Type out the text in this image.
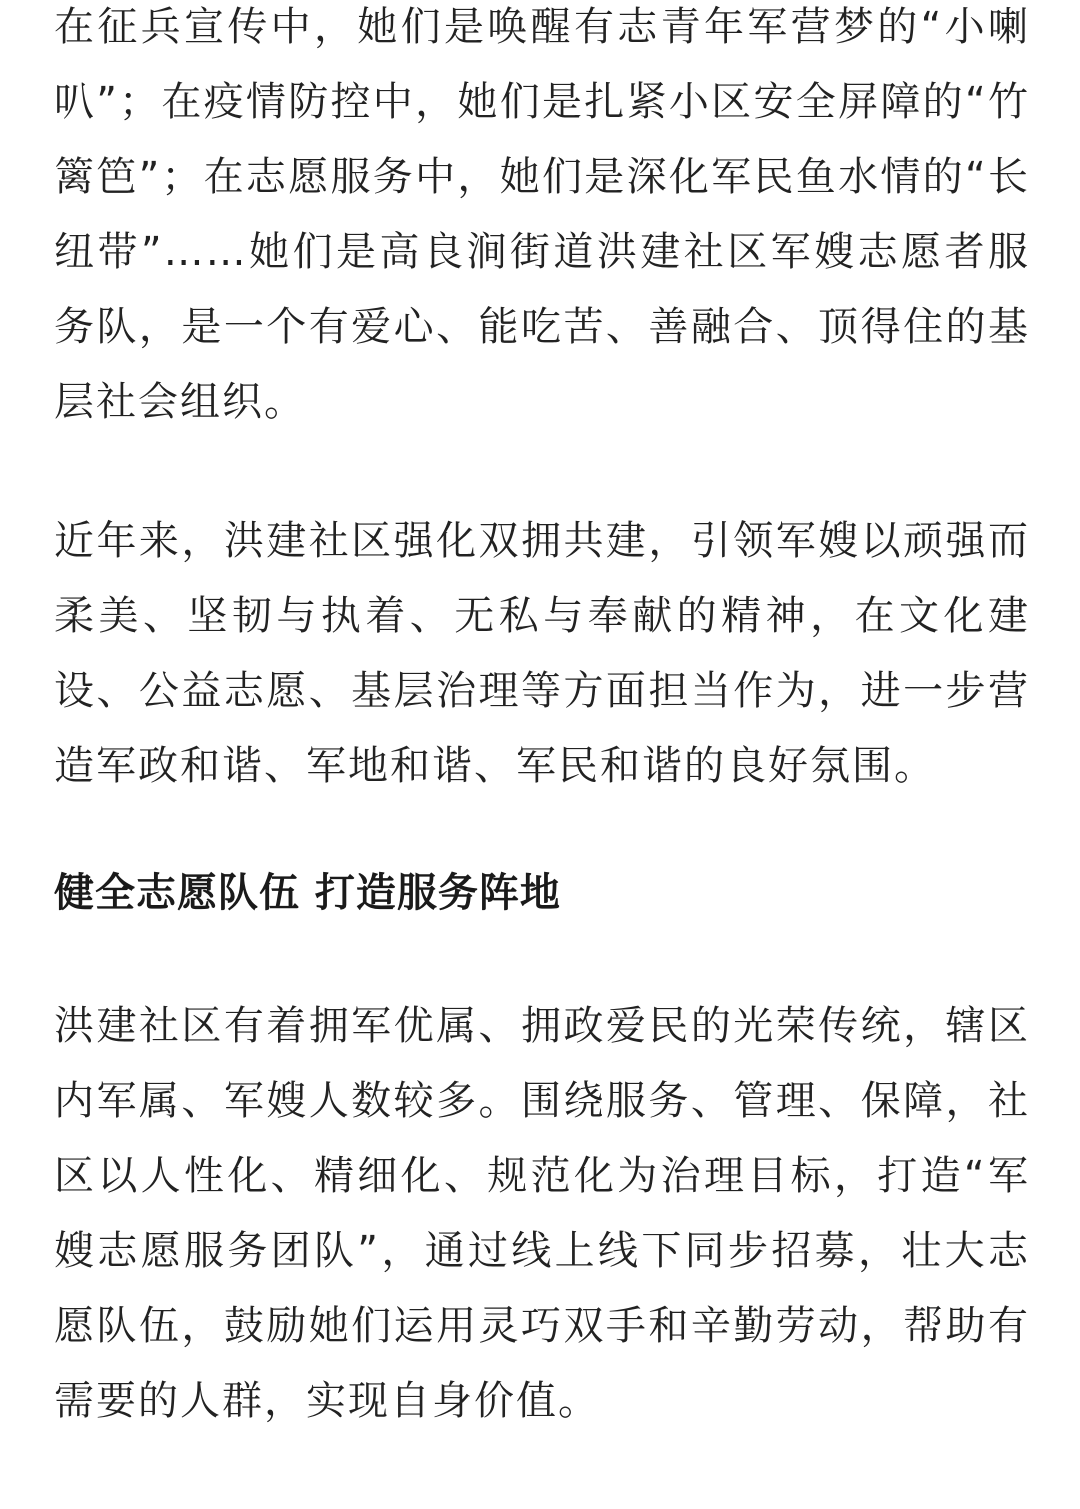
在征兵宣传中，她们是唤醒有志青年军营梦的“小喇叭”；在疫情防控中，她们是扎紧小区安全屏障的“竹篱笆”；在志愿服务中，她们是深化军民鱼水情的“长纽带”……她们是高良涧街道洪建社区军嫂志愿者服务队，是一个有爱心、能吃苦、善融合、顶得住的基层社会组织。

近年来，洪建社区强化双拥共建，引领军嫂以顽强而柔美、坚韧与执着、无私与奉献的精神，在文化建设、公益志愿、基层治理等方面担当作为，进一步营造军政和谐、军地和谐、军民和谐的良好氛围。

健全志愿队伍 打造服务阵地

洪建社区有着拥军优属、拥政爱民的光荣传统，辖区内军属、军嫂人数较多。围绕服务、管理、保障，社区以人性化、精细化、规范化为治理目标，打造“军嫂志愿服务团队”，通过线上线下同步招募，壮大志愿队伍，鼓励她们运用灵巧双手和辛勤劳动，帮助有需要的人群，实现自身价值。
